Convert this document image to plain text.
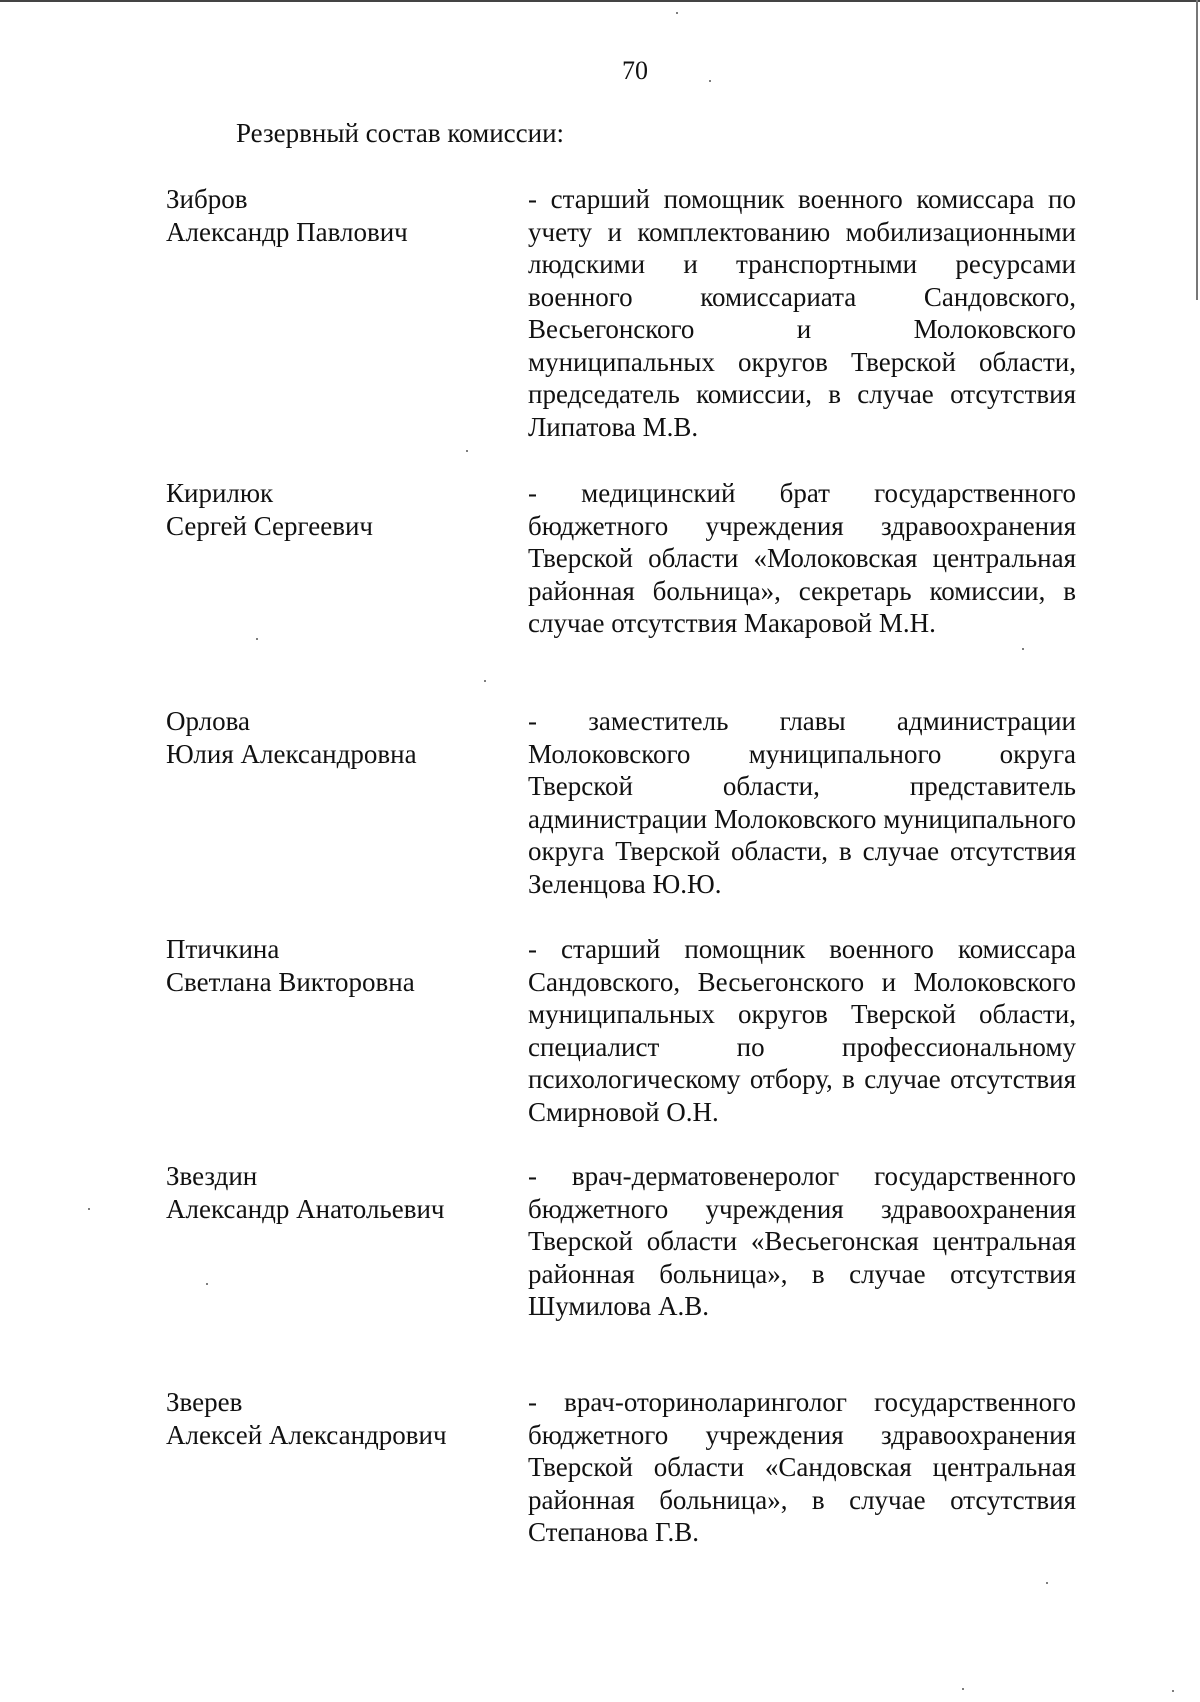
70
Резервный состав комиссии:
Зибров
Александр Павлович
- старший помощник военного комиссара по учету и комплектованию мобилизационными людскими и транспортными ресурсами военного комиссариата Сандовского, Весьегонского и Молоковского муниципальных округов Тверской области, председатель комиссии, в случае отсутствия Липатова М.В.
Кирилюк
Сергей Сергеевич
- медицинский брат государственного бюджетного учреждения здравоохранения Тверской области «Молоковская центральная районная больница», секретарь комиссии, в случае отсутствия Макаровой М.Н.
Орлова
Юлия Александровна
- заместитель главы администрации Молоковского муниципального округа Тверской области, представитель администрации Молоковского муниципального округа Тверской области, в случае отсутствия Зеленцова Ю.Ю.
Птичкина
Светлана Викторовна
- старший помощник военного комиссара Сандовского, Весьегонского и Молоковского муниципальных округов Тверской области, специалист по профессиональному психологическому отбору, в случае отсутствия Смирновой О.Н.
Звездин
Александр Анатольевич
- врач-дерматовенеролог государственного бюджетного учреждения здравоохранения Тверской области «Весьегонская центральная районная больница», в случае отсутствия Шумилова А.В.
Зверев
Алексей Александрович
- врач-оториноларинголог государственного бюджетного учреждения здравоохранения Тверской области «Сандовская центральная районная больница», в случае отсутствия Степанова Г.В.
